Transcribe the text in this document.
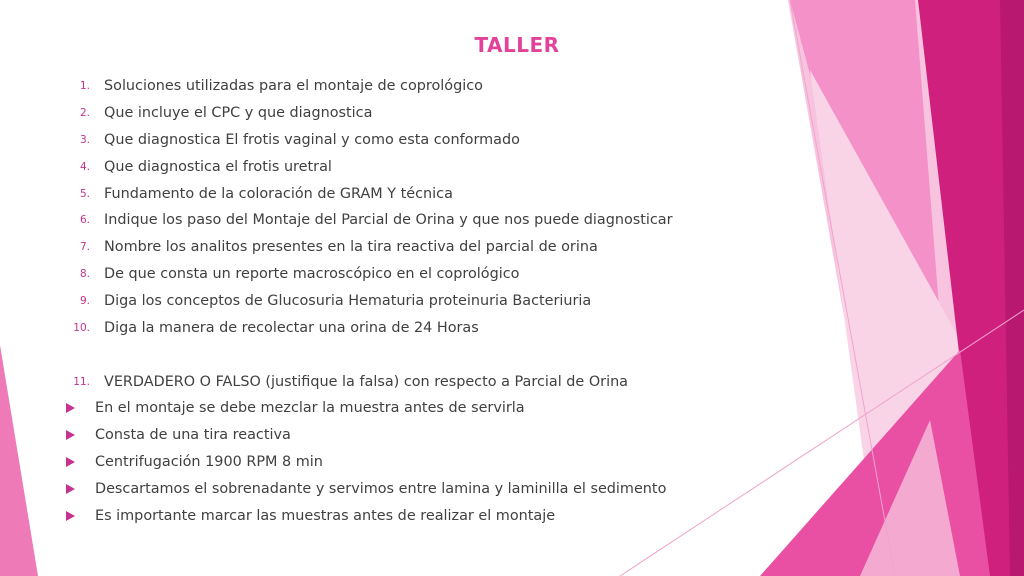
TALLER
1. Soluciones utilizadas para el montaje de coprológico
2. Que incluye el CPC y que diagnostica
3. Que diagnostica El frotis vaginal y como esta conformado
4. Que diagnostica el frotis uretral
5. Fundamento de la coloración de GRAM Y técnica
6. Indique los paso del Montaje del Parcial de Orina y que nos puede diagnosticar
7. Nombre los analitos presentes en la tira reactiva del parcial de orina
8. De que consta un reporte macroscópico en el coprológico
9. Diga los conceptos de Glucosuria Hematuria proteinuria Bacteriuria
10. Diga la manera de recolectar una orina de 24 Horas
11. VERDADERO O FALSO (justifique la falsa) con respecto a Parcial de Orina
En el montaje se debe mezclar la muestra antes de servirla
Consta de una tira reactiva
Centrifugación 1900 RPM 8 min
Descartamos el sobrenadante y servimos entre lamina y laminilla el sedimento
Es importante marcar las muestras antes de realizar el montaje
